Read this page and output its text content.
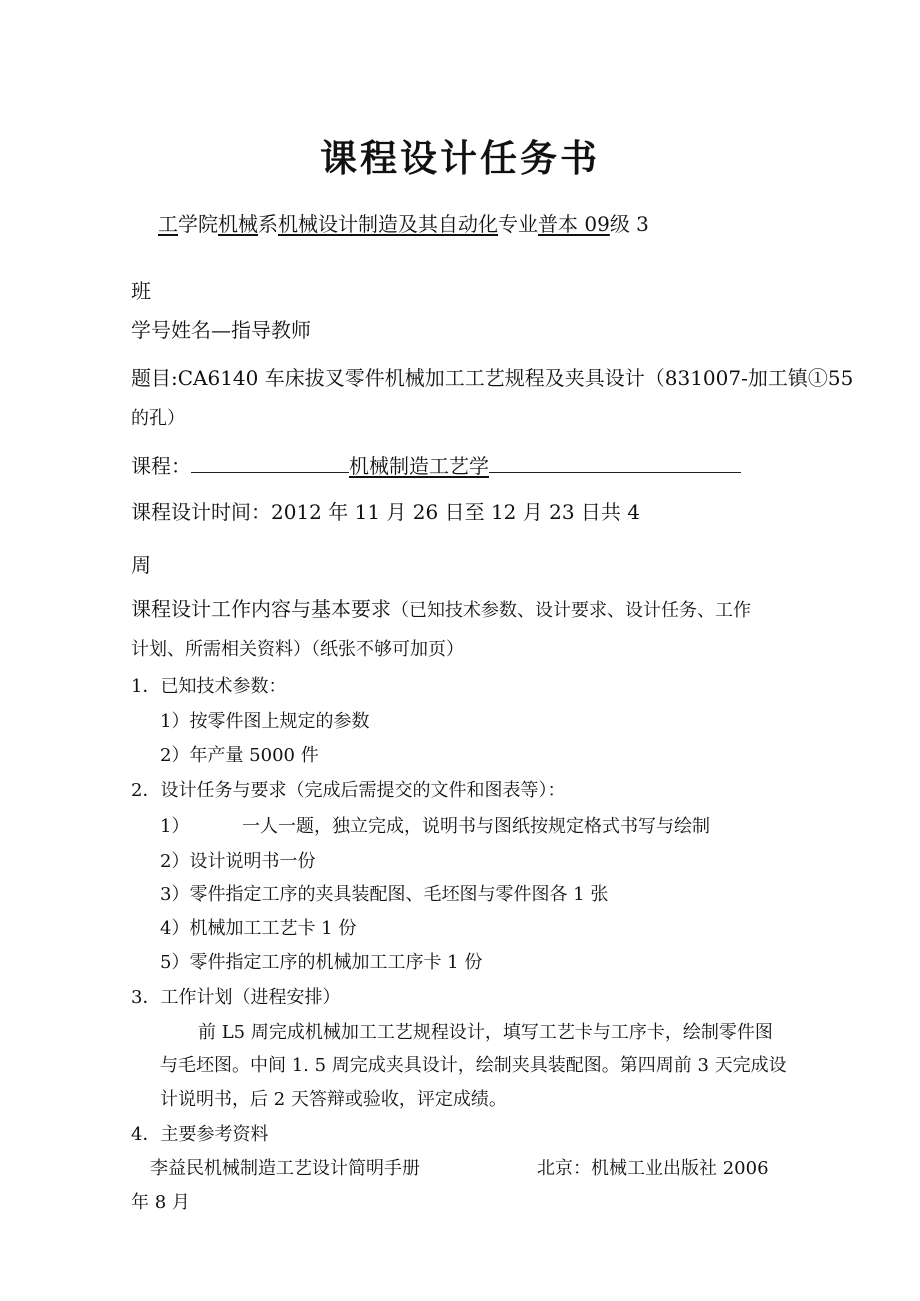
课程设计任务书
工学院机械系机械设计制造及其自动化专业普本 09级 3
班
学号姓名—指导教师
题目:CA6140 车床拔叉零件机械加工工艺规程及夹具设计（831007-加工镇①55
的孔）
课程：	机械制造工艺学
课程设计时间：2012 年 11 月 26 日至 12 月 23 日共 4
周
课程设计工作内容与基本要求（已知技术参数、设计要求、设计任务、工作
计划、所需相关资料）（纸张不够可加页）
1．已知技术参数：
1）按零件图上规定的参数
2）年产量 5000 件
2．设计任务与要求（完成后需提交的文件和图表等）：
1）	一人一题，独立完成，说明书与图纸按规定格式书写与绘制
2）设计说明书一份
3）零件指定工序的夹具装配图、毛坯图与零件图各 1 张
4）机械加工工艺卡 1 份
5）零件指定工序的机械加工工序卡 1 份
3．工作计划（进程安排）
前 L5 周完成机械加工工艺规程设计，填写工艺卡与工序卡，绘制零件图
与毛坯图。中间 1. 5 周完成夹具设计，绘制夹具装配图。第四周前 3 天完成设
计说明书，后 2 天答辩或验收，评定成绩。
4．主要参考资料
李益民机械制造工艺设计简明手册	北京：机械工业出版社 2006
年 8 月
